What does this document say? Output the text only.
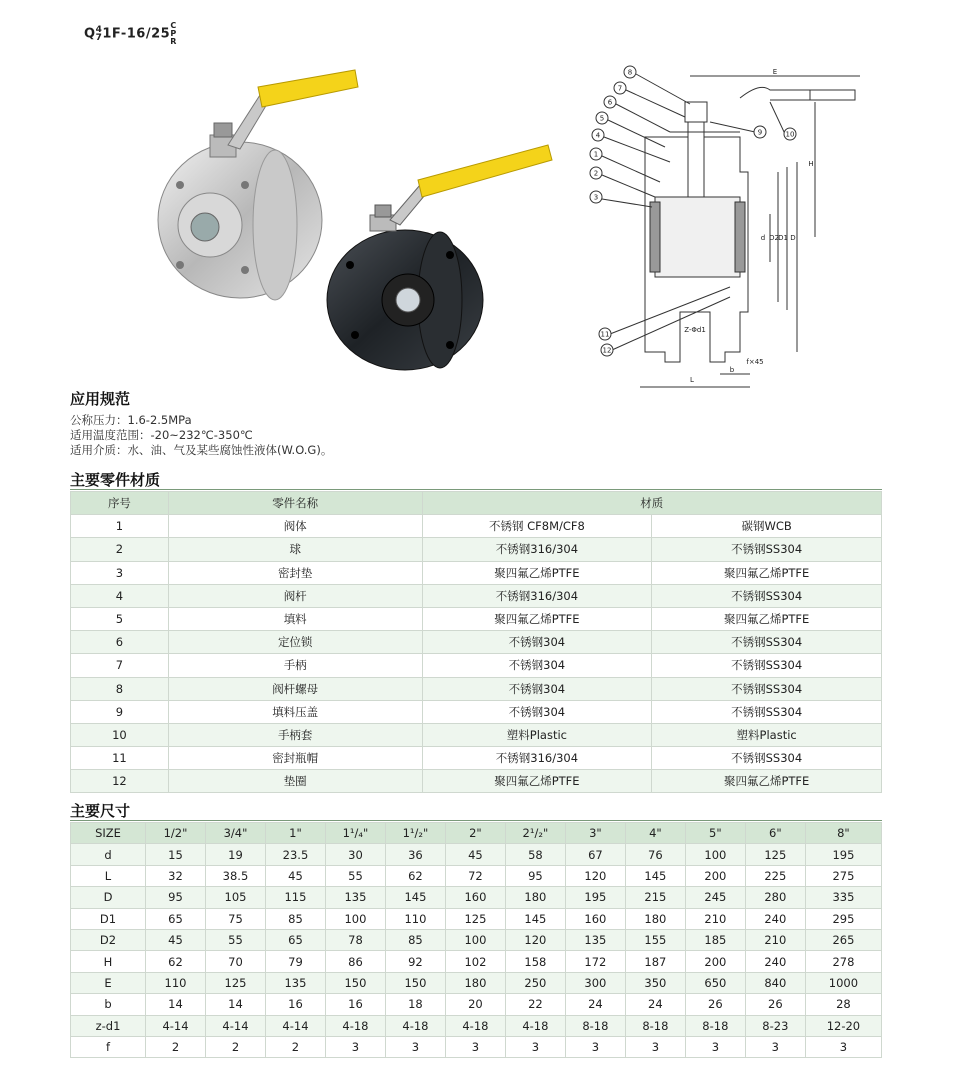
Q4
71F-16/25C
P
R
8
7
6
5
4
1
2
3
9	10
11
12
E
H
D2 D1 D
d
Z-Φd1
f×45
b
L
应用规范
公称压力：1.6-2.5MPa
适用温度范围：-20~232℃-350℃
适用介质：水、油、气及某些腐蚀性液体(W.O.G)。
主要零件材质
序号	零件名称	材质	
1	阀体	不锈钢 CF8M/CF8	碳钢WCB
2	球	不锈钢316/304	不锈钢SS304
3	密封垫	聚四氟乙烯PTFE	聚四氟乙烯PTFE
4	阀杆	不锈钢316/304	不锈钢SS304
5	填料	聚四氟乙烯PTFE	聚四氟乙烯PTFE
6	定位锁	不锈钢304	不锈钢SS304
7	手柄	不锈钢304	不锈钢SS304
8	阀杆螺母	不锈钢304	不锈钢SS304
9	填料压盖	不锈钢304	不锈钢SS304
10	手柄套	塑料Plastic	塑料Plastic
11	密封瓶帽	不锈钢316/304	不锈钢SS304
12	垫圈	聚四氟乙烯PTFE	聚四氟乙烯PTFE
主要尺寸
SIZE	1/2"	3/4"	1"	1¹/₄"	1¹/₂"	2"	2¹/₂"	3"	4"	5"	6"	8"
d	15	19	23.5	30	36	45	58	67	76	100	125	195
L	32	38.5	45	55	62	72	95	120	145	200	225	275
D	95	105	115	135	145	160	180	195	215	245	280	335
D1	65	75	85	100	110	125	145	160	180	210	240	295
D2	45	55	65	78	85	100	120	135	155	185	210	265
H	62	70	79	86	92	102	158	172	187	200	240	278
E	110	125	135	150	150	180	250	300	350	650	840	1000
b	14	14	16	16	18	20	22	24	24	26	26	28
z-d1	4-14	4-14	4-14	4-18	4-18	4-18	4-18	8-18	8-18	8-18	8-23	12-20
f	2	2	2	3	3	3	3	3	3	3	3	3
